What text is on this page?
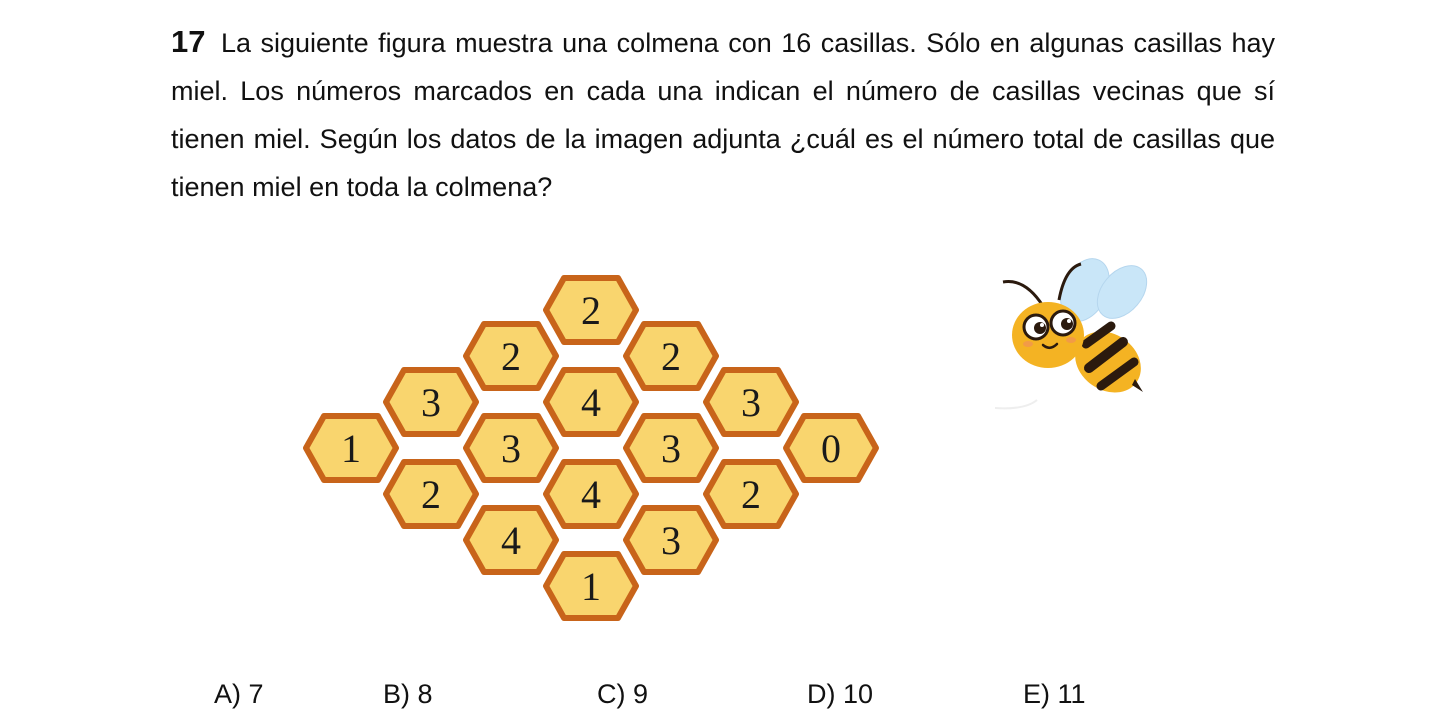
17 La siguiente figura muestra una colmena con 16 casillas. Sólo en algunas casillas hay miel. Los números marcados en cada una indican el número de casillas vecinas que sí tienen miel. Según los datos de la imagen adjunta ¿cuál es el número total de casillas que tienen miel en toda la colmena?

2
2	2
3	4	3
1	3	3	0
2	4	2
4	3
1
A) 7	B) 8	C) 9	D) 10	E) 11
